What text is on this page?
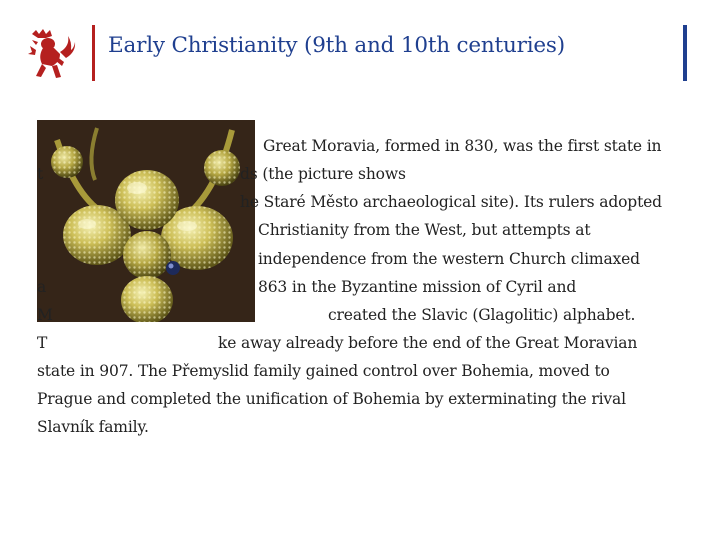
Early Christianity (9th and 10th centuries)
Great Moravia, formed in 830, was the first state in
t	ds (the picture shows
he Staré Město archaeological site). Its rulers adopted
Christianity from the West, but attempts at
independence from the western Church climaxed
a	863 in the Byzantine mission of Cyril and
M	created the Slavic (Glagolitic) alphabet.
T	ke away already before the end of the Great Moravian
state in 907. The Přemyslid family gained control over Bohemia, moved to
Prague and completed the unification of Bohemia by exterminating the rival
Slavník family.
